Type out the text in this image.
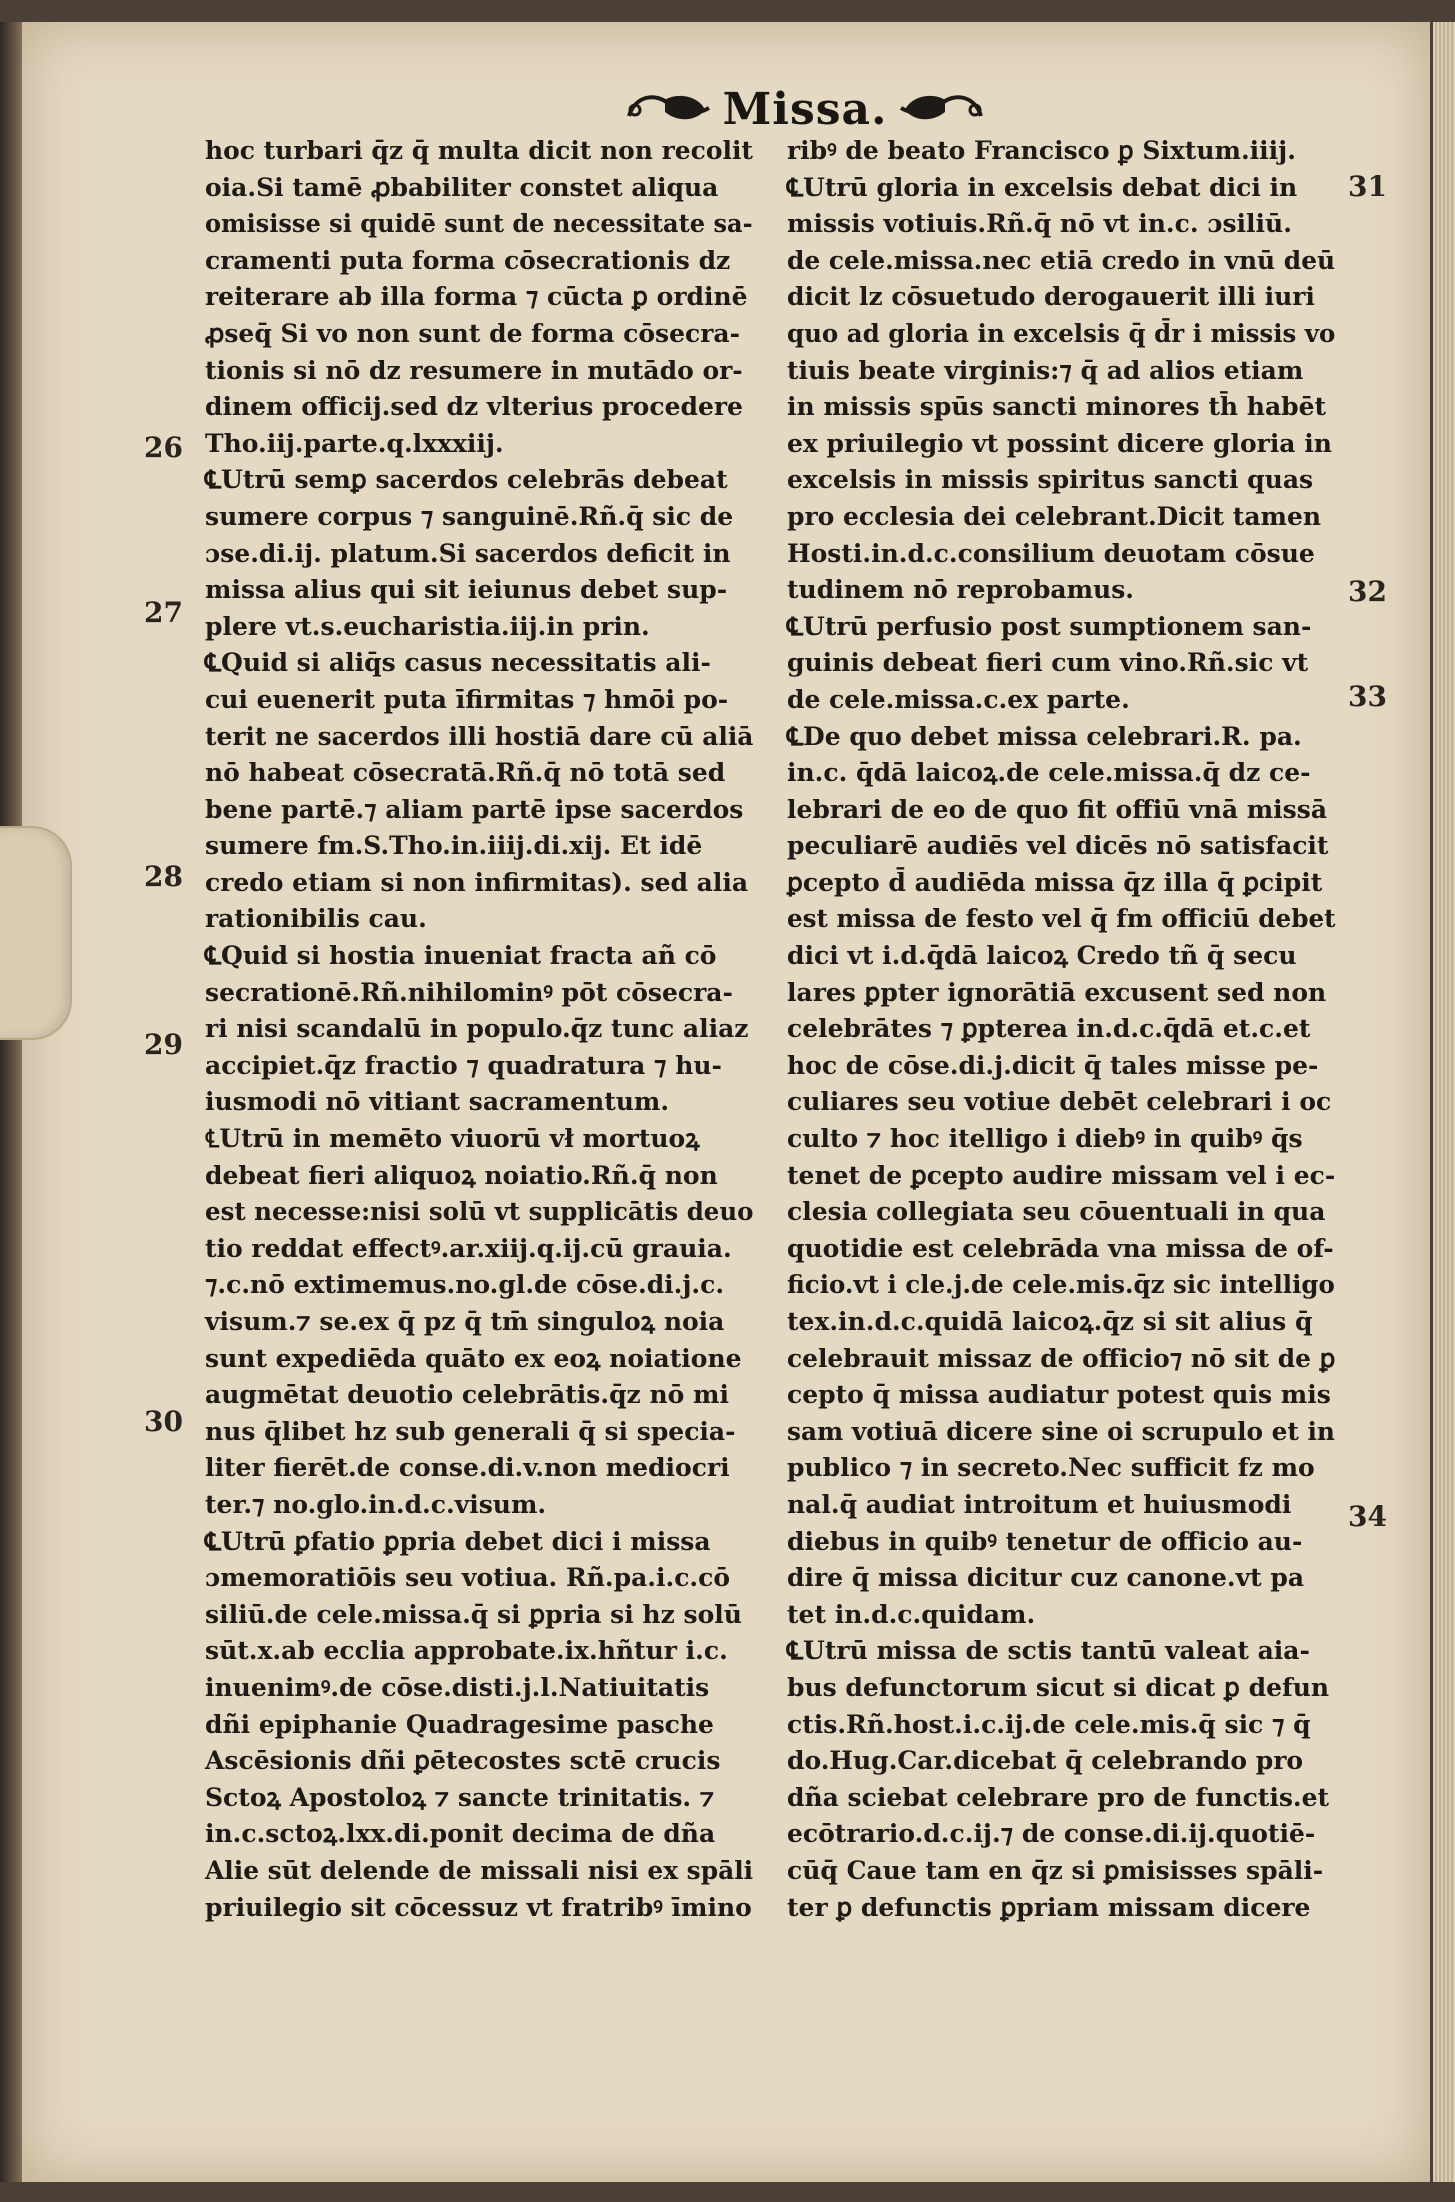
Missa.
hoc turbari q̄z q̄ multa dicit non recolit
oia.Si tamē ꝓbabiliter constet aliqua
omisisse si quidē sunt de necessitate sa-
cramenti puta forma cōsecrationis dz
reiterare ab illa forma ⁊ cūcta ꝑ ordinē
ꝓseq̄ Si vo non sunt de forma cōsecra-
tionis si nō dz resumere in mutādo or-
dinem officij.sed dz vlterius procedere
Tho.iij.parte.q.lxxxiij.
℄Utrū semꝑ sacerdos celebrās debeat
sumere corpus ⁊ sanguinē.Rñ.q̄ sic de
ɔse.di.ij. platum.Si sacerdos deficit in
missa alius qui sit ieiunus debet sup-
plere vt.s.eucharistia.iij.in prin.
℄Quid si aliq̄s casus necessitatis ali-
cui euenerit puta īfirmitas ⁊ hmōi po-
terit ne sacerdos illi hostiā dare cū aliā
nō habeat cōsecratā.Rñ.q̄ nō totā sed
bene partē.⁊ aliam partē ipse sacerdos
sumere fm.S.Tho.in.iiij.di.xij. Et idē
credo etiam si non infirmitas). sed alia
rationibilis cau.
℄Quid si hostia inueniat fracta añ cō
secrationē.Rñ.nihilominꝰ pōt cōsecra-
ri nisi scandalū in populo.q̄z tunc aliaz
accipiet.q̄z fractio ⁊ quadratura ⁊ hu-
iusmodi nō vitiant sacramentum.
℄Utrū in memēto viuorū vł mortuoꝝ
debeat fieri aliquoꝝ noiatio.Rñ.q̄ non
est necesse:nisi solū vt supplicātis deuo
tio reddat effectꝰ.ar.xiij.q.ij.cū grauia.
⁊.c.nō extimemus.no.gl.de cōse.di.j.c.
visum.⁊ se.ex q̄ pz q̄ tm̄ singuloꝝ noia
sunt expediēda quāto ex eoꝝ noiatione
augmētat deuotio celebrātis.q̄z nō mi
nus q̄libet hz sub generali q̄̄ si specia-
liter fierēt.de conse.di.v.non mediocri
ter.⁊ no.glo.in.d.c.visum.
℄Utrū ꝑfatio ꝑpria debet dici i missa
ɔmemoratiōis seu votiua. Rñ.pa.i.c.cō
siliū.de cele.missa.q̄ si ꝑpria si hz solū
sūt.x.ab ecclia approbate.ix.hñtur i.c.
inuenimꝰ.de cōse.disti.j.l.Natiuitatis
dñi epiphanie Quadragesime pasche
Ascēsionis dñi ꝑētecostes sctē crucis
Sctoꝝ Apostoloꝝ ⁊ sancte trinitatis. ⁊
in.c.sctoꝝ.lxx.di.ponit decima de dña
Alie sūt delende de missali nisi ex spāli
priuilegio sit cōcessuz vt fratribꝰ īmino
ribꝰ de beato Francisco ꝑ Sixtum.iiij.
℄Utrū gloria in excelsis debat dici in
missis votiuis.Rñ.q̄ nō vt in.c. ɔsiliū.
de cele.missa.nec etiā credo in vnū deū
dicit lz cōsuetudo derogauerit illi iuri
quo ad gloria in excelsis q̄ d̄r i missis vo
tiuis beate virginis:⁊ q̄ ad alios etiam
in missis spūs sancti minores th̄ habēt
ex priuilegio vt possint dicere gloria in
excelsis in missis spiritus sancti quas
pro ecclesia dei celebrant.Dicit tamen
Hosti.in.d.c.consilium deuotam cōsue
tudinem nō reprobamus.
℄Utrū perfusio post sumptionem san-
guinis debeat fieri cum vino.Rñ.sic vt
de cele.missa.c.ex parte.
℄De quo debet missa celebrari.R. pa.
in.c. q̄dā laicoꝝ.de cele.missa.q̄ dz ce-
lebrari de eo de quo fit offiū vnā missā
peculiarē audiēs vel dicēs nō satisfacit
ꝑcepto d̄ audiēda missa q̄z illa q̄ ꝑcipit
est missa de festo vel q̄ fm officiū debet
dici vt i.d.q̄dā laicoꝝ Credo tñ q̄ secu
lares ꝑpter ignorātiā excusent sed non
celebrātes ⁊ ꝑpterea in.d.c.q̄dā et.c.et
hoc de cōse.di.j.dicit q̄ tales misse pe-
culiares seu votiue debēt celebrari i oc
culto ⁊ hoc itelligo i diebꝰ in quibꝰ q̄s
tenet de ꝑcepto audire missam vel i ec-
clesia collegiata seu cōuentuali in qua
quotidie est celebrāda vna missa de of-
ficio.vt i cle.j.de cele.mis.q̄z sic intelligo
tex.in.d.c.quidā laicoꝝ.q̄z si sit alius q̄
celebrauit missaz de officio⁊ nō sit de ꝑ
cepto q̄ missa audiatur potest quis mis
sam votiuā dicere sine oi scrupulo et in
publico ⁊ in secreto.Nec sufficit fz mo
nal.q̄ audiat introitum et huiusmodi
diebus in quibꝰ tenetur de officio au-
dire q̄ missa dicitur cuz canone.vt pa
tet in.d.c.quidam.
℄Utrū missa de sctis tantū valeat aia-
bus defunctorum sicut si dicat ꝑ defun
ctis.Rñ.host.i.c.ij.de cele.mis.q̄ sic ⁊ q̄
do.Hug.Car.dicebat q̄ celebrando pro
dña sciebat celebrare pro de functis.et
ecōtrario.d.c.ij.⁊ de conse.di.ij.quotiē-
cūq̄ Caue tam en q̄z si ꝑmisisses spāli-
ter ꝑ defunctis ꝑpriam missam dicere
26
27
28
29
30
31
32
33
34
